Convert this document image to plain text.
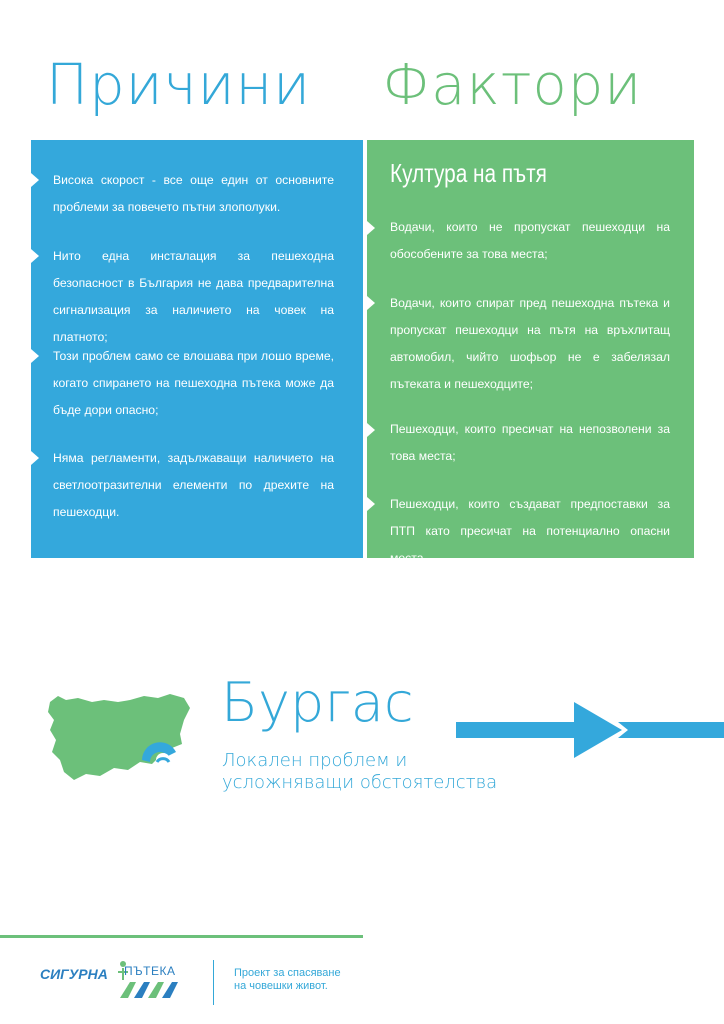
Причини Фактори
Висока скорост - все още един от основните проблеми за повечето пътни злополуки.
Нито една инсталация за пешеходна безопасност в България не дава предварителна сигнализация за наличието на човек на платното;
Този проблем само се влошава при лошо време, когато спирането на пешеходна пътека може да бъде дори опасно;
Няма регламенти, задължаващи наличието на светлоотразителни елементи по дрехите на пешеходци.
Култура на пътя
Водачи, които не пропускат пешеходци на обособените за това места;
Водачи, които спират пред пешеходна пътека и пропускат пешеходци на пътя на връхлитащ автомобил, чийто шофьор не е забелязал пътеката и пешеходците;
Пешеходци, които пресичат на непозволени за това места;
Пешеходци, които създават предпоставки за ПТП като пресичат на потенциално опасни места.
Бургас
Локален проблем и
усложняващи обстоятелства
СИГУРНА ПЪТЕКА	Проект за спасяване
на човешки живот.
